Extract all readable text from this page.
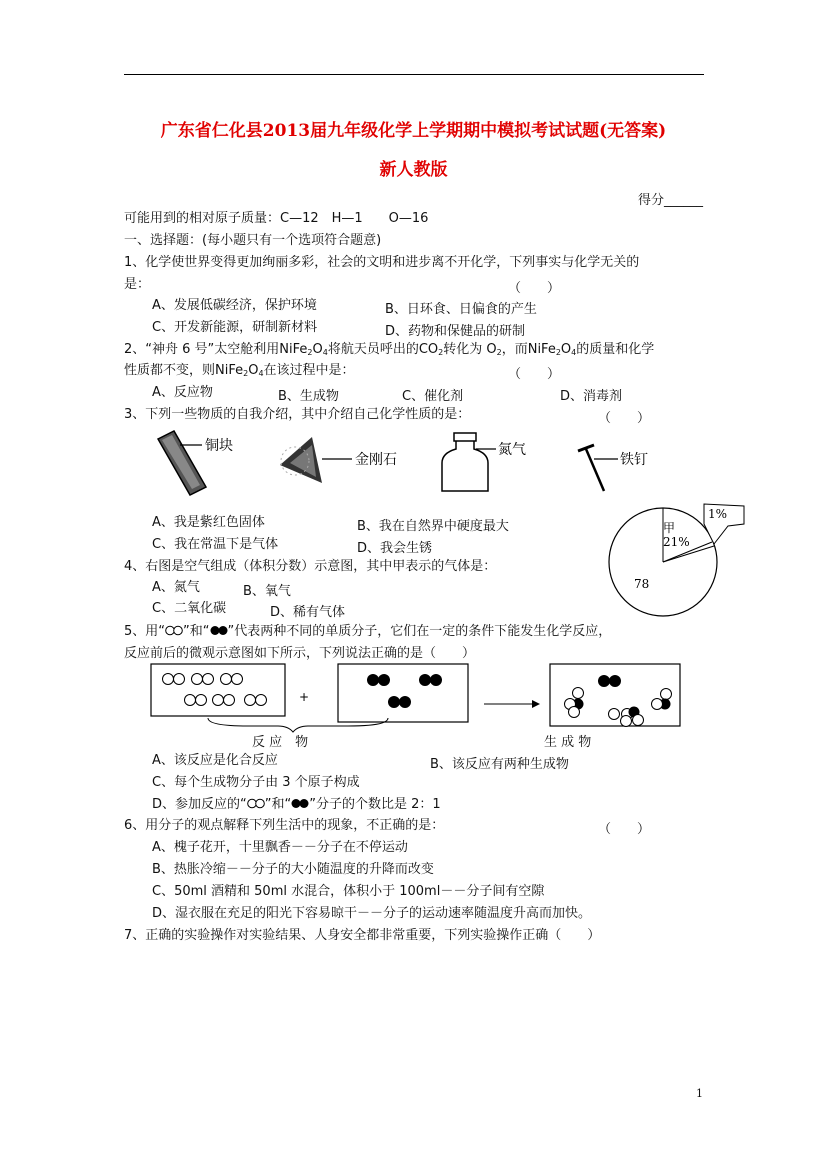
广东省仁化县2013届九年级化学上学期期中模拟考试试题(无答案)
新人教版
得分______
可能用到的相对原子质量：C—12　H—1　　O—16
一、选择题：(每小题只有一个选项符合题意)
1、化学使世界变得更加绚丽多彩，社会的文明和进步离不开化学，下列事实与化学无关的
是：	（　　）
A、发展低碳经济，保护环境	B、日环食、日偏食的产生
C、开发新能源，研制新材料	D、药物和保健品的研制
2、“神舟 6 号”太空舱利用$NiFe_2O_4$将航天员呼出的$CO_2$转化为 $O_2$，而$NiFe_2O_4$的质量和化学
性质都不变，则$NiFe_2O_4$在该过程中是：	（　　）
A、反应物	B、生成物	C、催化剂	D、消毒剂
3、下列一些物质的自我介绍，其中介绍自己化学性质的是：	（　　）
铜块
金刚石
氮气
铁钉
A、我是紫红色固体	B、我在自然界中硬度最大
C、我在常温下是气体	D、我会生锈
1%
甲
21%
78
4、右图是空气组成（体积分数）示意图，其中甲表示的气体是：
A、氮气	B、氧气
C、二氧化碳	D、稀有气体
5、用“ ”和“ ”代表两种不同的单质分子，它们在一定的条件下能发生化学反应，
反应前后的微观示意图如下所示，下列说法正确的是（　　）
+
反 应　物	生 成 物
A、该反应是化合反应	B、该反应有两种生成物
C、每个生成物分子由 3 个原子构成
D、参加反应的“ ”和“ ”分子的个数比是 2：1
6、用分子的观点解释下列生活中的现象，不正确的是：	（　　）
A、槐子花开，十里飘香－－分子在不停运动
B、热胀冷缩－－分子的大小随温度的升降而改变
C、50ml 酒精和 50ml 水混合，体积小于 100ml－－分子间有空隙
D、湿衣服在充足的阳光下容易晾干－－分子的运动速率随温度升高而加快。
7、正确的实验操作对实验结果、人身安全都非常重要，下列实验操作正确（　　）
1
